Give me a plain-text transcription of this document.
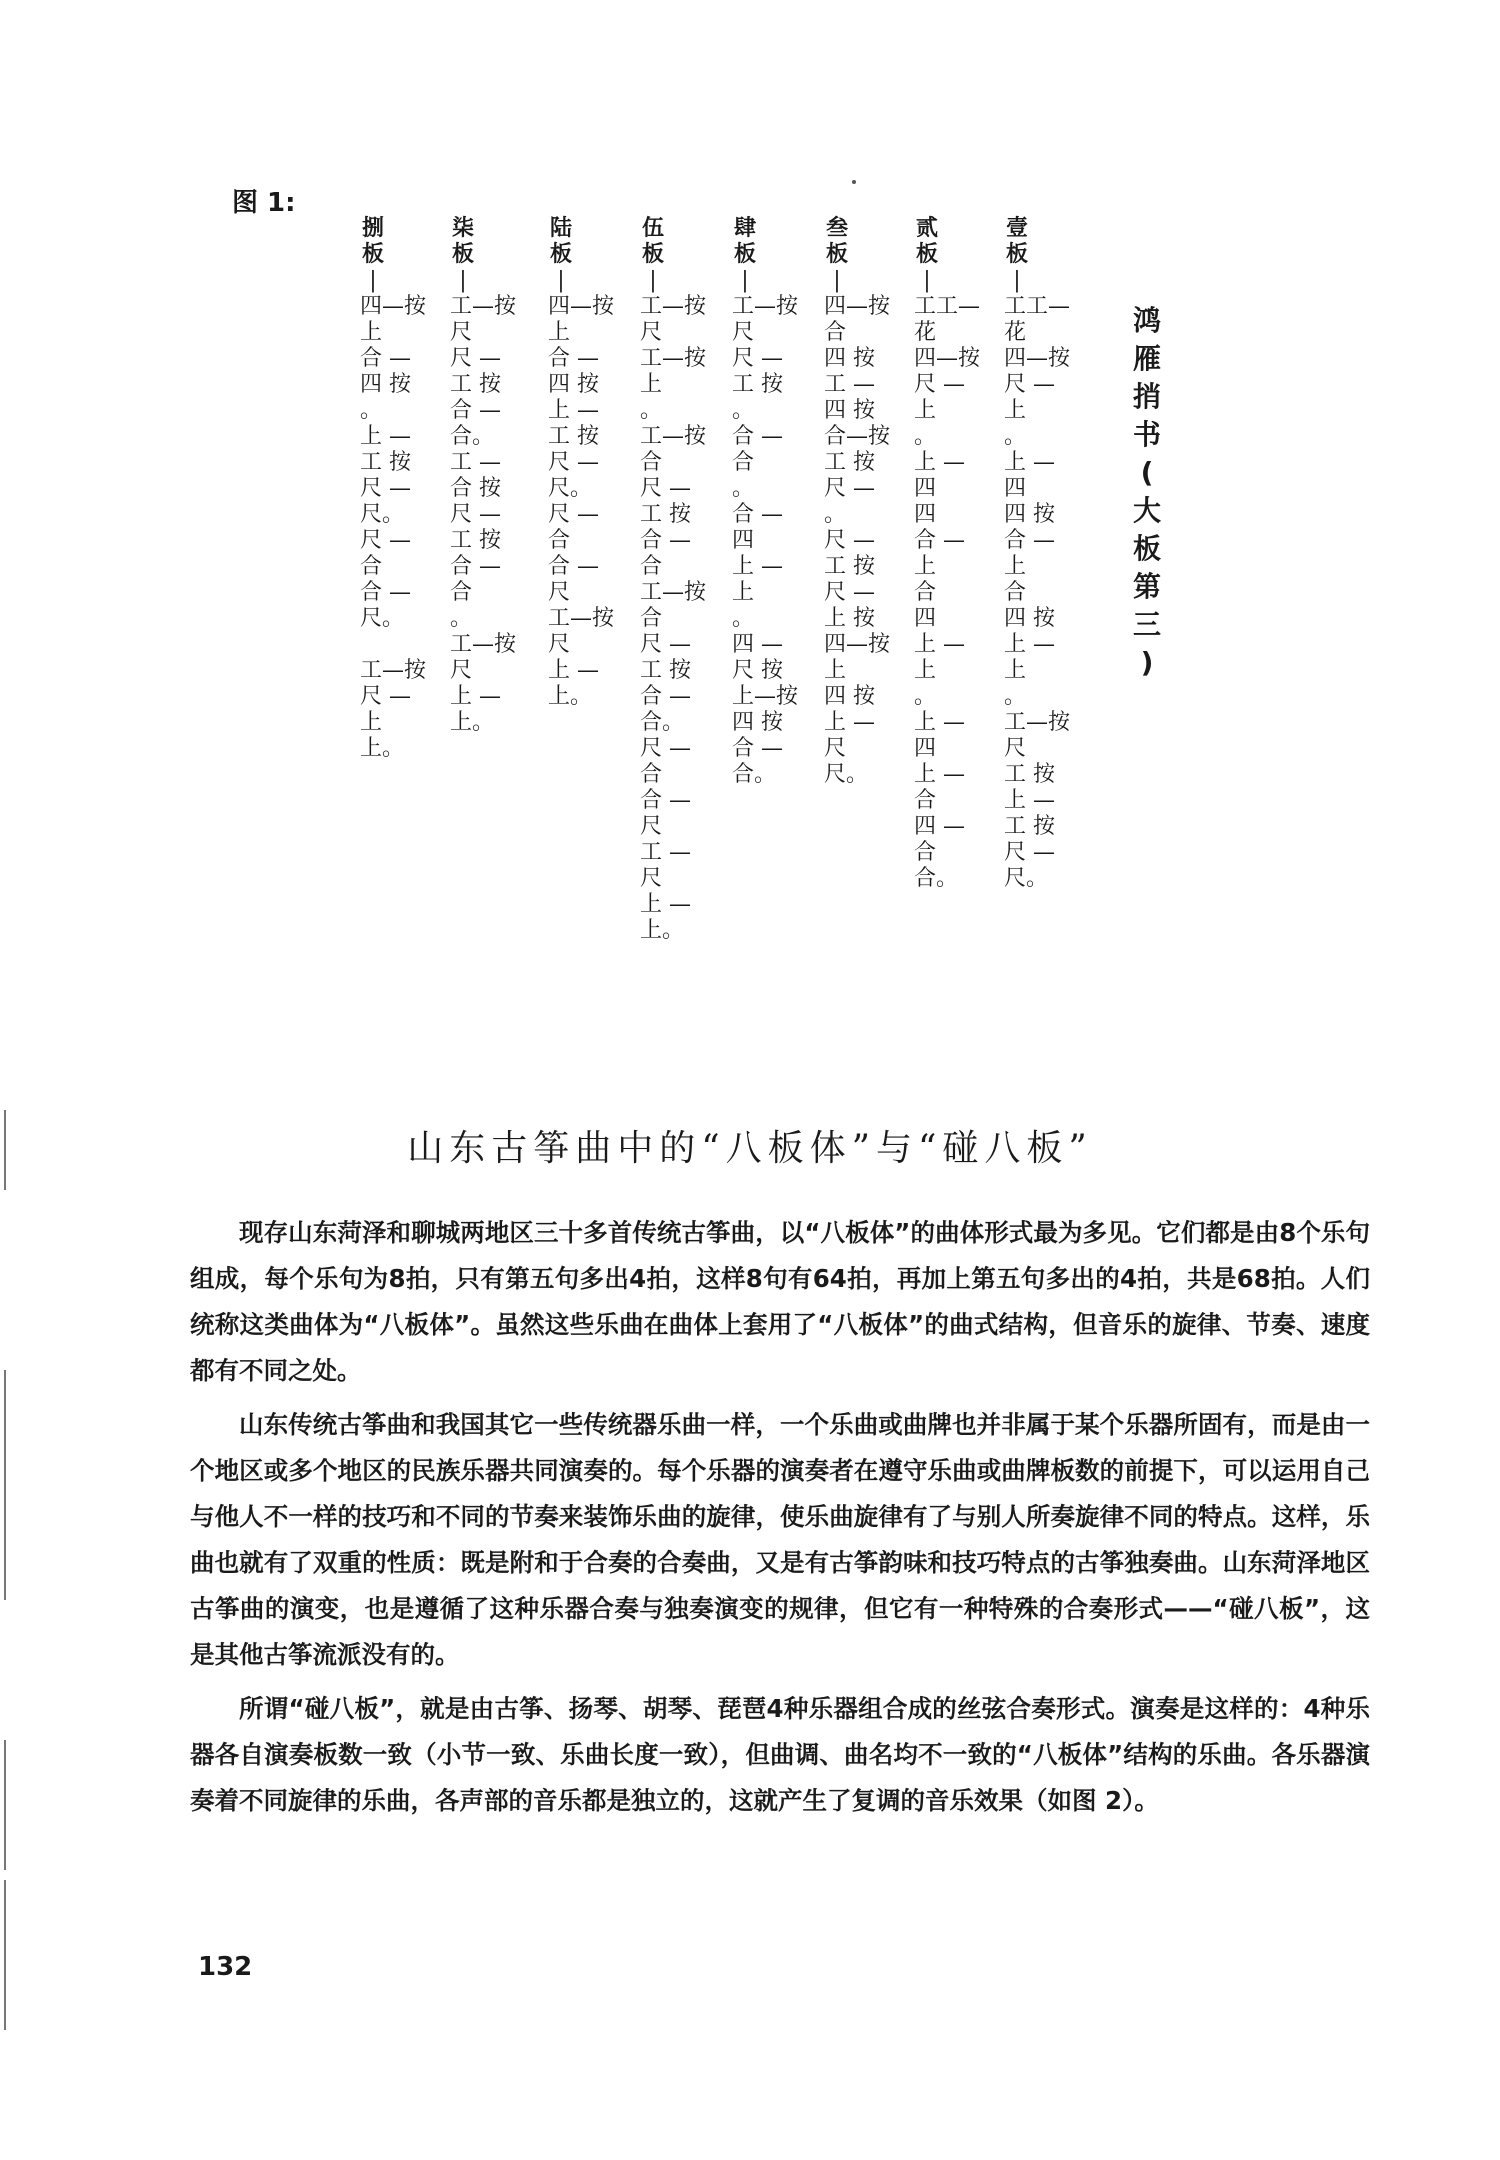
图 1:
捌
板
|
四—按
上
合 —
四 按
。
上 —
工 按
尺 —
尺。
尺 —
合
合 —
尺。
工—按
尺 —
上
上。
柒
板
|
工—按
尺
尺 —
工 按
合 —
合。
工 —
合 按
尺 —
工 按
合 —
合
。
工—按
尺
上 —
上。
陆
板
|
四—按
上
合 —
四 按
上 —
工 按
尺 —
尺。
尺 —
合
合 —
尺
工—按
尺
上 —
上。
伍
板
|
工—按
尺
工—按
上
。
工—按
合
尺 —
工 按
合 —
合
工—按
合
尺 —
工 按
合 —
合。
尺 —
合
合 —
尺
工 —
尺
上 —
上。
肆
板
|
工—按
尺
尺 —
工 按
。
合 —
合
。
合 —
四
上 —
上
。
四 —
尺 按
上—按
四 按
合 —
合。
叁
板
|
四—按
合
四 按
工 —
四 按
合—按
工 按
尺 —
。
尺 —
工 按
尺 —
上 按
四—按
上
四 按
上 —
尺
尺。
贰
板
|
工工—
花
四—按
尺 —
上
。
上 —
四
四
合 —
上
合
四
上 —
上
。
上 —
四
上 —
合
四 —
合
合。
壹
板
|
工工—
花
四—按
尺 —
上
。
上 —
四
四 按
合 —
上
合
四 按
上 —
上
。
工—按
尺
工 按
上 —
工 按
尺 —
尺。
鸿
雁
捎
书
(
大
板
第
三
)
山东古筝曲中的“八板体”与“碰八板”

现存山东菏泽和聊城两地区三十多首传统古筝曲，以“八板体”的曲体形式最为多见。它们都是由8个乐句组成，每个乐句为8拍，只有第五句多出4拍，这样8句有64拍，再加上第五句多出的4拍，共是68拍。人们统称这类曲体为“八板体”。虽然这些乐曲在曲体上套用了“八板体”的曲式结构，但音乐的旋律、节奏、速度都有不同之处。

山东传统古筝曲和我国其它一些传统器乐曲一样，一个乐曲或曲牌也并非属于某个乐器所固有，而是由一个地区或多个地区的民族乐器共同演奏的。每个乐器的演奏者在遵守乐曲或曲牌板数的前提下，可以运用自己与他人不一样的技巧和不同的节奏来装饰乐曲的旋律，使乐曲旋律有了与别人所奏旋律不同的特点。这样，乐曲也就有了双重的性质：既是附和于合奏的合奏曲，又是有古筝韵味和技巧特点的古筝独奏曲。山东菏泽地区古筝曲的演变，也是遵循了这种乐器合奏与独奏演变的规律，但它有一种特殊的合奏形式——“碰八板”，这是其他古筝流派没有的。

所谓“碰八板”，就是由古筝、扬琴、胡琴、琵琶4种乐器组合成的丝弦合奏形式。演奏是这样的：4种乐器各自演奏板数一致（小节一致、乐曲长度一致），但曲调、曲名均不一致的“八板体”结构的乐曲。各乐器演奏着不同旋律的乐曲，各声部的音乐都是独立的，这就产生了复调的音乐效果（如图 2）。

132
